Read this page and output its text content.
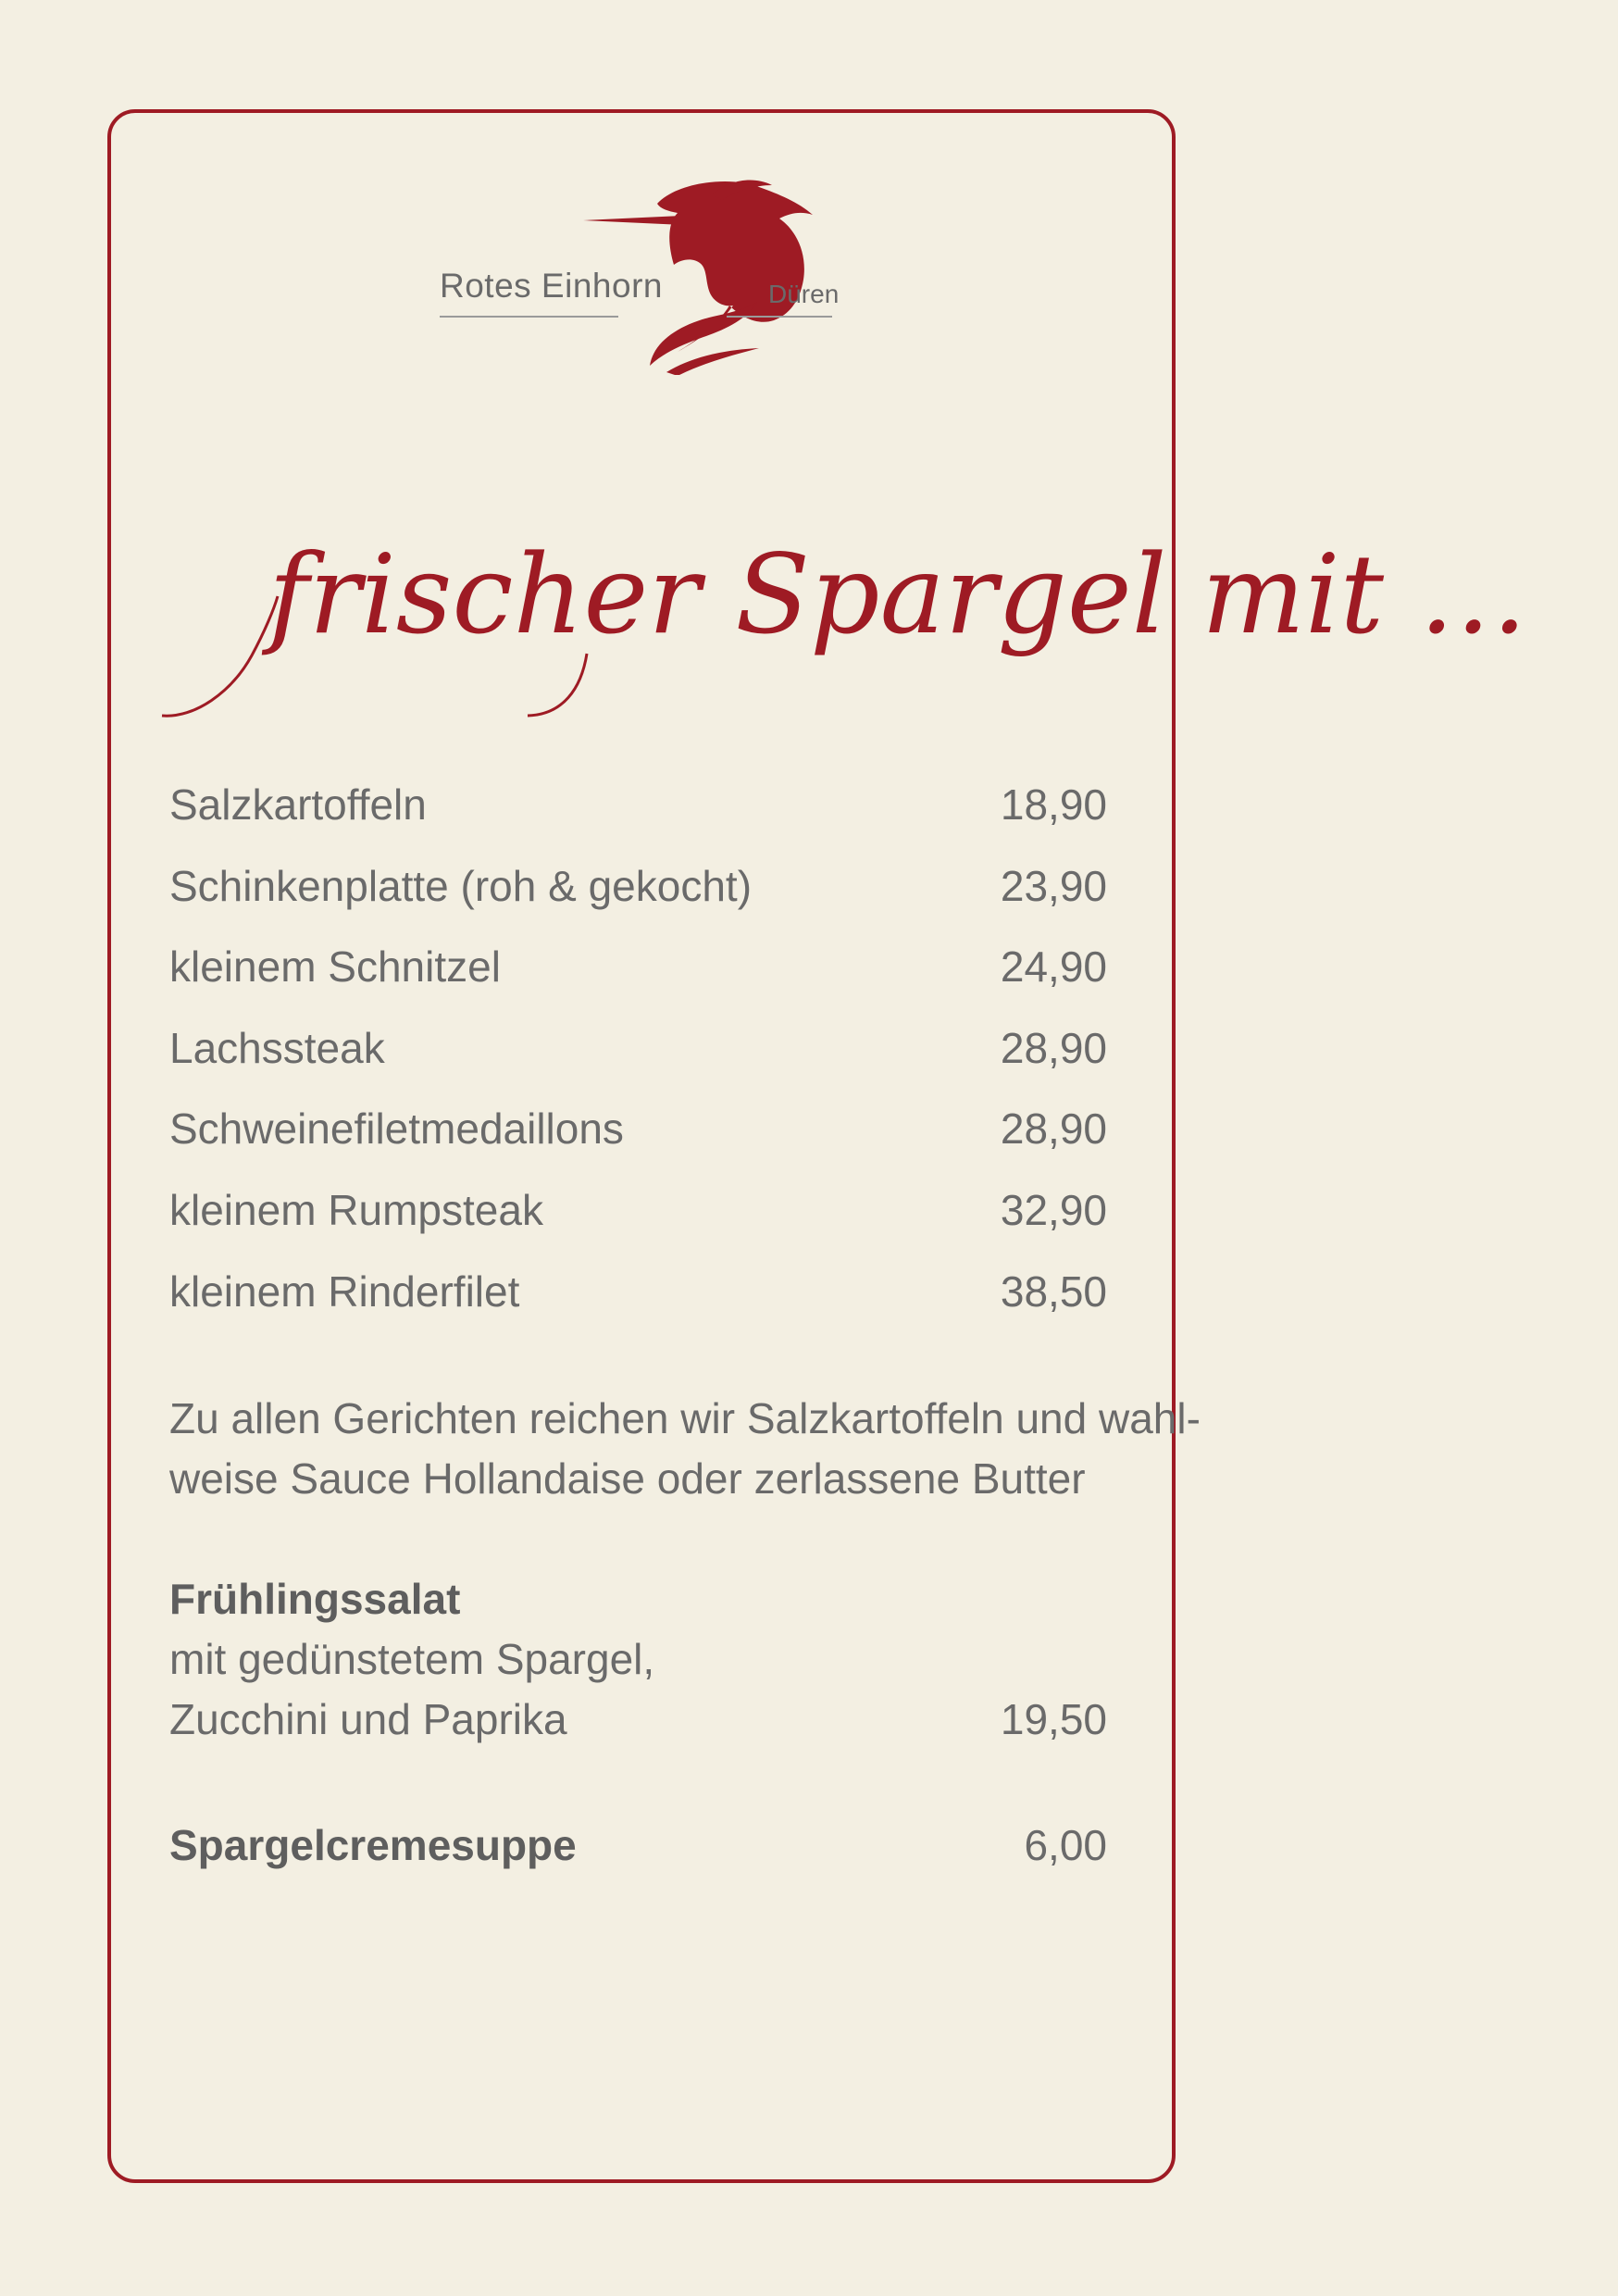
Rotes Einhorn	Düren
frischer Spargel mit …
Salzkartoffeln	18,90
Schinkenplatte (roh & gekocht)	23,90
kleinem Schnitzel	24,90
Lachssteak	28,90
Schweinefiletmedaillons	28,90
kleinem Rumpsteak	32,90
kleinem Rinderfilet	38,50
Zu allen Gerichten reichen wir Salzkartoffeln und wahl-
weise Sauce Hollandaise oder zerlassene Butter
Frühlingssalat
mit gedünstetem Spargel,
Zucchini und Paprika	19,50
Spargelcremesuppe	6,00
